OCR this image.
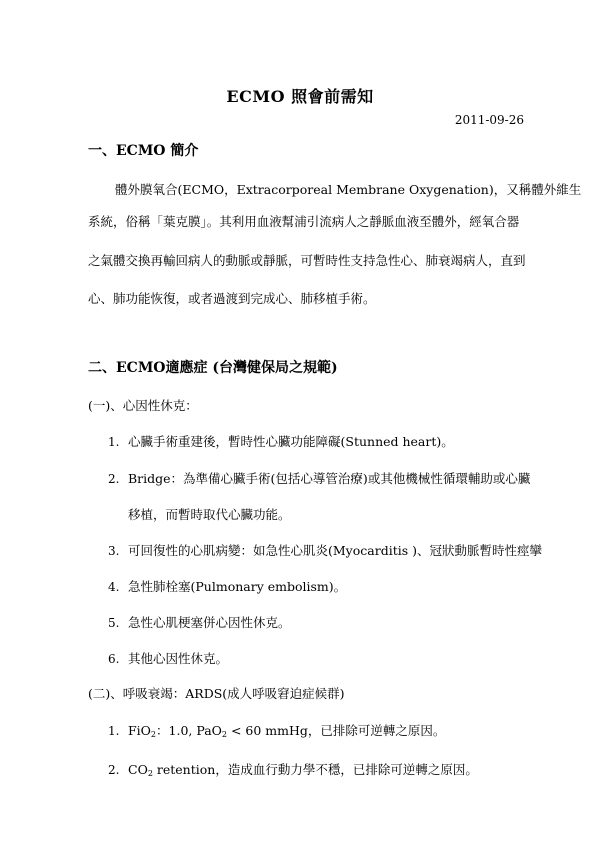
ECMO 照會前需知
2011-09-26
一、ECMO 簡介
體外膜氧合(ECMO，Extracorporeal Membrane Oxygenation)，又稱體外維生
系統，俗稱「葉克膜」。其利用血液幫浦引流病人之靜脈血液至體外，經氧合器
之氣體交換再輸回病人的動脈或靜脈，可暫時性支持急性心、肺衰竭病人，直到
心、肺功能恢復，或者過渡到完成心、肺移植手術。
二、ECMO適應症 (台灣健保局之規範)
(一)、心因性休克：
1. 心臟手術重建後，暫時性心臟功能障礙(Stunned heart)。
2. Bridge：為準備心臟手術(包括心導管治療)或其他機械性循環輔助或心臟
移植，而暫時取代心臟功能。
3. 可回復性的心肌病變：如急性心肌炎(Myocarditis )、冠狀動脈暫時性痙攣
4. 急性肺栓塞(Pulmonary embolism)。
5. 急性心肌梗塞併心因性休克。
6. 其他心因性休克。
(二)、呼吸衰竭：ARDS(成人呼吸窘迫症候群)
1. FiO$_2$：1.0, PaO$_2$ < 60 mmHg，已排除可逆轉之原因。
2. $CO_2$ retention，造成血行動力學不穩，已排除可逆轉之原因。
